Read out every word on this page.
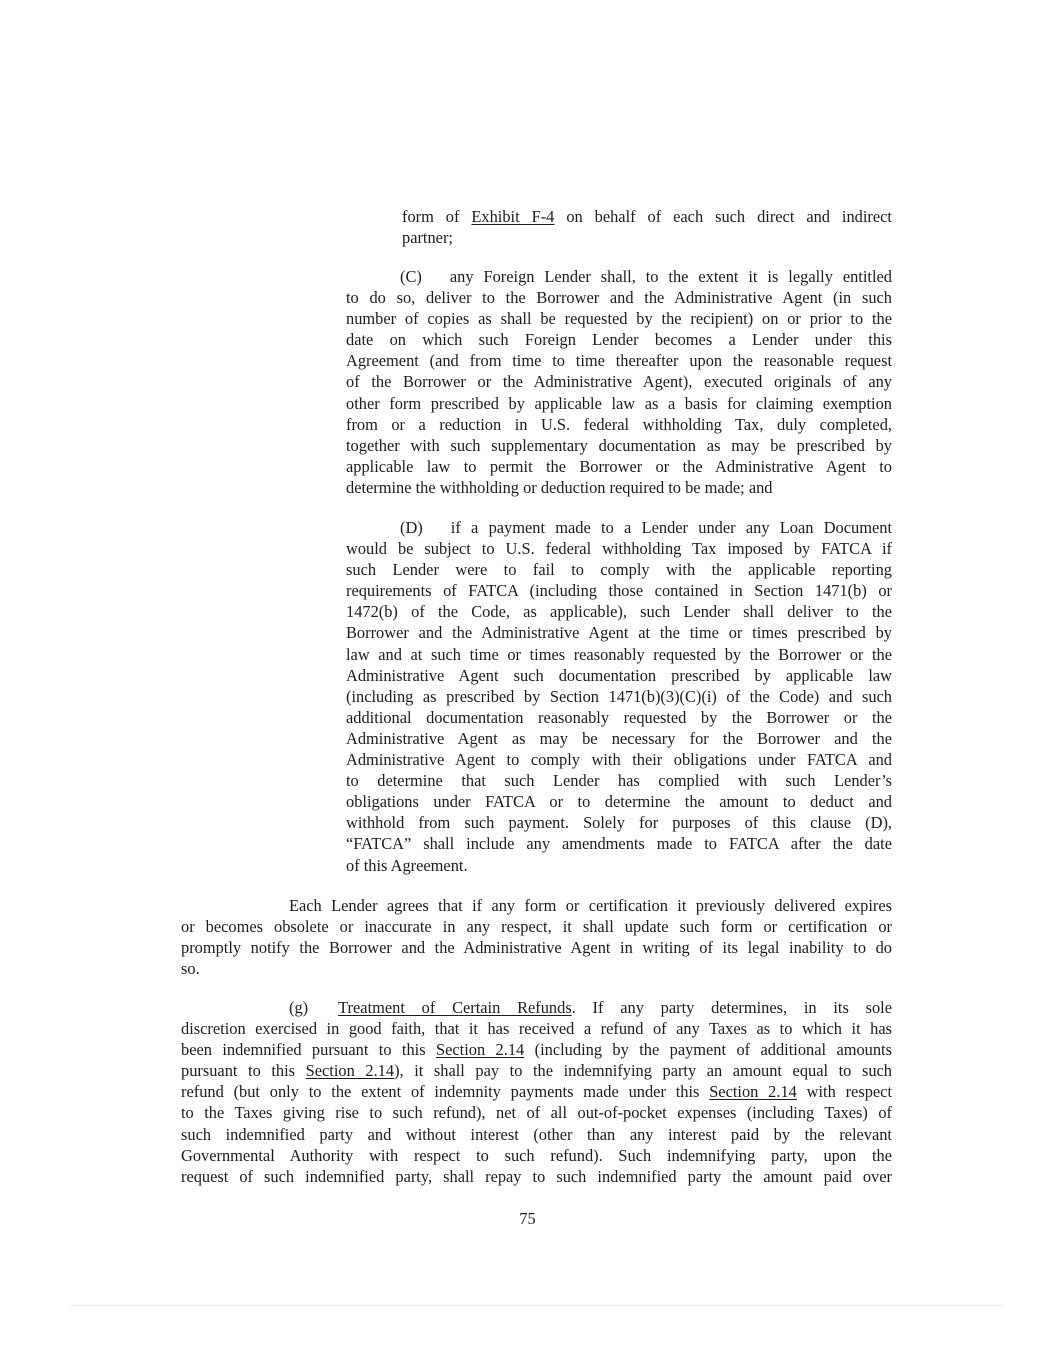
form of Exhibit F-4 on behalf of each such direct and indirect
partner;
(C) any Foreign Lender shall, to the extent it is legally entitled
to do so, deliver to the Borrower and the Administrative Agent (in such
number of copies as shall be requested by the recipient) on or prior to the
date on which such Foreign Lender becomes a Lender under this
Agreement (and from time to time thereafter upon the reasonable request
of the Borrower or the Administrative Agent), executed originals of any
other form prescribed by applicable law as a basis for claiming exemption
from or a reduction in U.S. federal withholding Tax, duly completed,
together with such supplementary documentation as may be prescribed by
applicable law to permit the Borrower or the Administrative Agent to
determine the withholding or deduction required to be made; and
(D) if a payment made to a Lender under any Loan Document
would be subject to U.S. federal withholding Tax imposed by FATCA if
such Lender were to fail to comply with the applicable reporting
requirements of FATCA (including those contained in Section 1471(b) or
1472(b) of the Code, as applicable), such Lender shall deliver to the
Borrower and the Administrative Agent at the time or times prescribed by
law and at such time or times reasonably requested by the Borrower or the
Administrative Agent such documentation prescribed by applicable law
(including as prescribed by Section 1471(b)(3)(C)(i) of the Code) and such
additional documentation reasonably requested by the Borrower or the
Administrative Agent as may be necessary for the Borrower and the
Administrative Agent to comply with their obligations under FATCA and
to determine that such Lender has complied with such Lender’s
obligations under FATCA or to determine the amount to deduct and
withhold from such payment. Solely for purposes of this clause (D),
“FATCA” shall include any amendments made to FATCA after the date
of this Agreement.
Each Lender agrees that if any form or certification it previously delivered expires
or becomes obsolete or inaccurate in any respect, it shall update such form or certification or
promptly notify the Borrower and the Administrative Agent in writing of its legal inability to do
so.
(g) Treatment of Certain Refunds. If any party determines, in its sole
discretion exercised in good faith, that it has received a refund of any Taxes as to which it has
been indemnified pursuant to this Section 2.14 (including by the payment of additional amounts
pursuant to this Section 2.14), it shall pay to the indemnifying party an amount equal to such
refund (but only to the extent of indemnity payments made under this Section 2.14 with respect
to the Taxes giving rise to such refund), net of all out-of-pocket expenses (including Taxes) of
such indemnified party and without interest (other than any interest paid by the relevant
Governmental Authority with respect to such refund). Such indemnifying party, upon the
request of such indemnified party, shall repay to such indemnified party the amount paid over
75
